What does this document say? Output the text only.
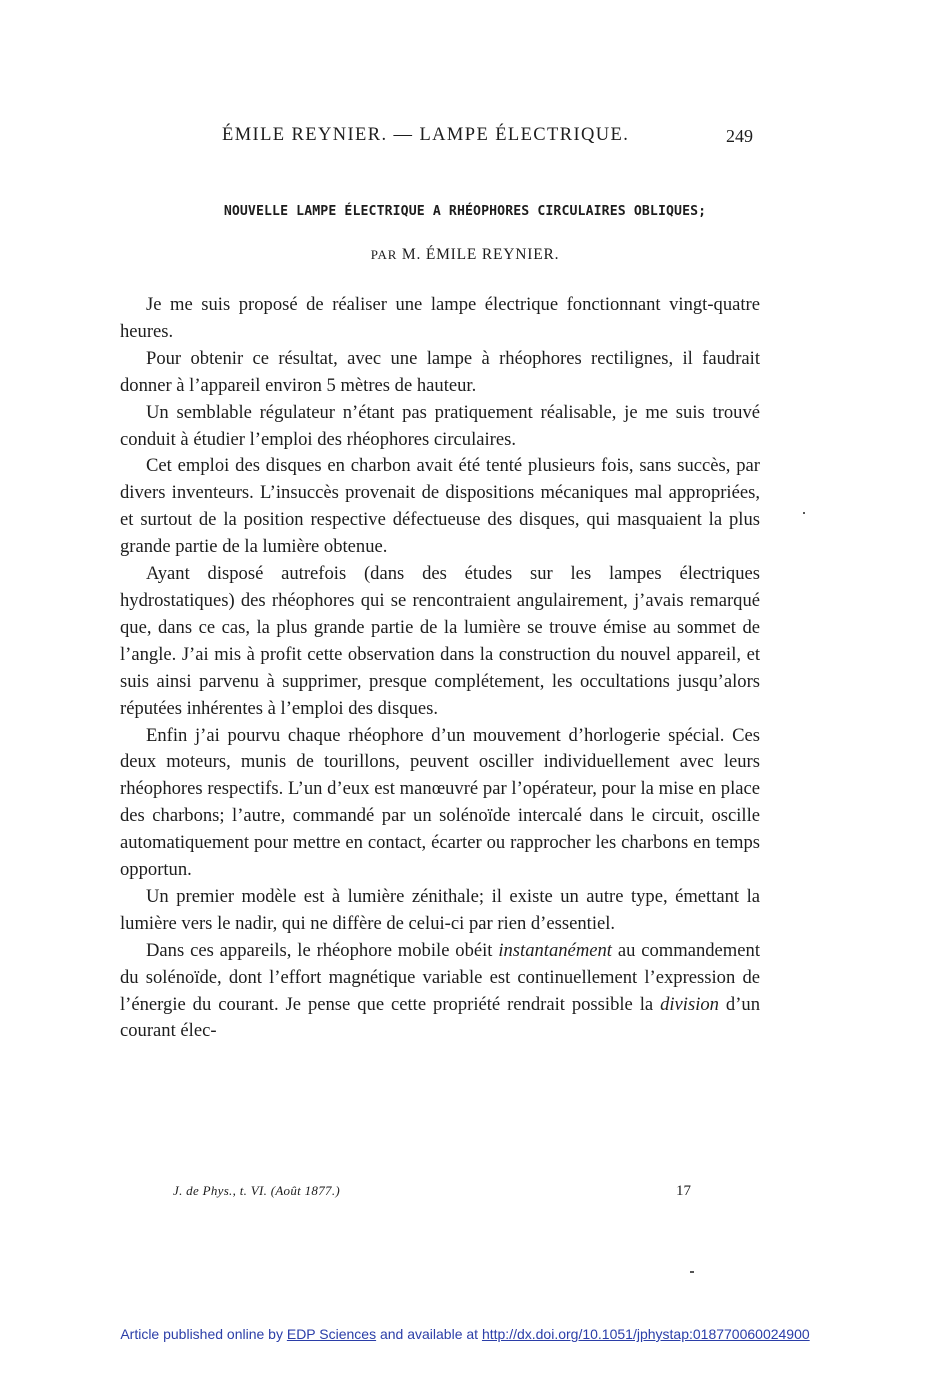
ÉMILE REYNIER. — LAMPE ÉLECTRIQUE.	249
NOUVELLE LAMPE ÉLECTRIQUE A RHÉOPHORES CIRCULAIRES OBLIQUES;
PAR M. ÉMILE REYNIER.

Je me suis proposé de réaliser une lampe électrique fonctionnant vingt-quatre heures.

Pour obtenir ce résultat, avec une lampe à rhéophores rectilignes, il faudrait donner à l’appareil environ 5 mètres de hauteur.

Un semblable régulateur n’étant pas pratiquement réalisable, je me suis trouvé conduit à étudier l’emploi des rhéophores circulaires.

Cet emploi des disques en charbon avait été tenté plusieurs fois, sans succès, par divers inventeurs. L’insuccès provenait de dispositions mécaniques mal appropriées, et surtout de la position respective défectueuse des disques, qui masquaient la plus grande partie de la lumière obtenue.

Ayant disposé autrefois (dans des études sur les lampes électriques hydrostatiques) des rhéophores qui se rencontraient angulairement, j’avais remarqué que, dans ce cas, la plus grande partie de la lumière se trouve émise au sommet de l’angle. J’ai mis à profit cette observation dans la construction du nouvel appareil, et suis ainsi parvenu à supprimer, presque complétement, les occultations jusqu’alors réputées inhérentes à l’emploi des disques.

Enfin j’ai pourvu chaque rhéophore d’un mouvement d’horlogerie spécial. Ces deux moteurs, munis de tourillons, peuvent osciller individuellement avec leurs rhéophores respectifs. L’un d’eux est manœuvré par l’opérateur, pour la mise en place des charbons; l’autre, commandé par un solénoïde intercalé dans le circuit, oscille automatiquement pour mettre en contact, écarter ou rapprocher les charbons en temps opportun.

Un premier modèle est à lumière zénithale; il existe un autre type, émettant la lumière vers le nadir, qui ne diffère de celui-ci par rien d’essentiel.

Dans ces appareils, le rhéophore mobile obéit instantanément au commandement du solénoïde, dont l’effort magnétique variable est continuellement l’expression de l’énergie du courant. Je pense que cette propriété rendrait possible la division d’un courant élec-

J. de Phys., t. VI. (Août 1877.)	17
Article published online by EDP Sciences and available at http://dx.doi.org/10.1051/jphystap:018770060024900
